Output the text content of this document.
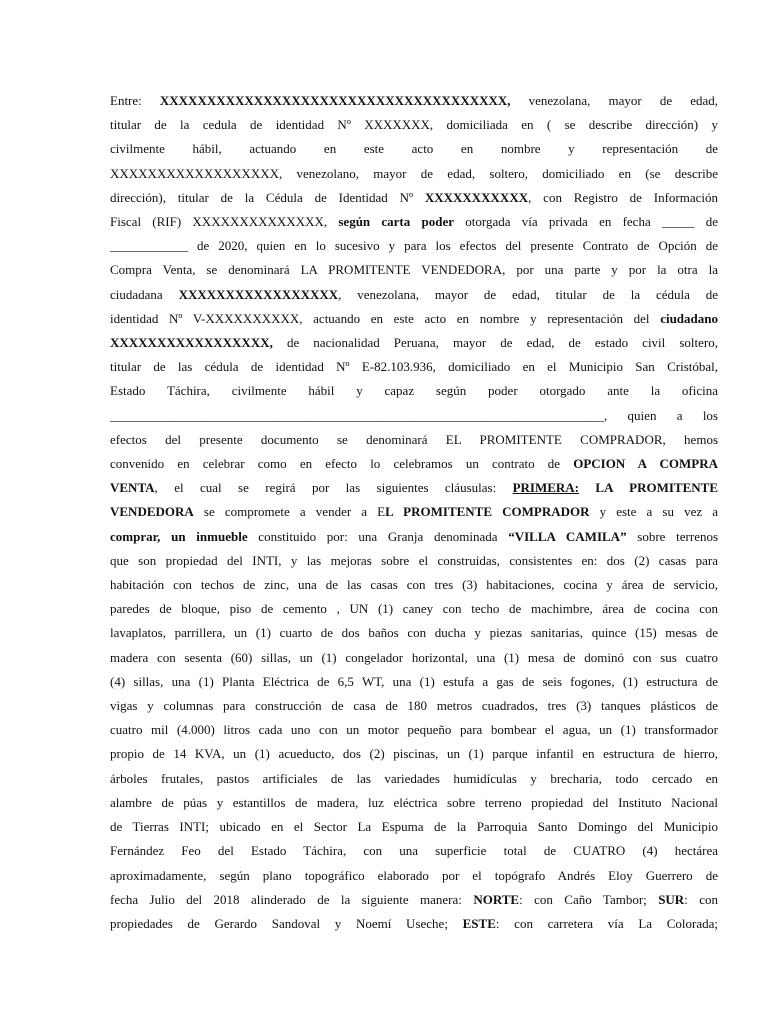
Entre: XXXXXXXXXXXXXXXXXXXXXXXXXXXXXXXXXXXXX, venezolana, mayor de edad,
titular de la cedula de identidad Nº XXXXXXX, domiciliada en ( se describe dirección) y
civilmente hábil, actuando en este acto en nombre y representación de
XXXXXXXXXXXXXXXXXX, venezolano, mayor de edad, soltero, domiciliado en (se describe
dirección), titular de la Cédula de Identidad Nº XXXXXXXXXXX, con Registro de Información
Fiscal (RIF) XXXXXXXXXXXXXX, según carta poder otorgada vía privada en fecha _____ de
____________ de 2020, quien en lo sucesivo y para los efectos del presente Contrato de Opción de
Compra Venta, se denominará LA PROMITENTE VENDEDORA, por una parte y por la otra la
ciudadana XXXXXXXXXXXXXXXXX, venezolana, mayor de edad, titular de la cédula de
identidad Nº V-XXXXXXXXXX, actuando en este acto en nombre y representación del ciudadano
XXXXXXXXXXXXXXXXX, de nacionalidad Peruana, mayor de edad, de estado civil soltero,
titular de las cédula de identidad Nº E-82.103.936, domiciliado en el Municipio San Cristóbal,
Estado Táchira, civilmente hábil y capaz según poder otorgado ante la oficina
____________________________________________________________________________, quien a los
efectos del presente documento se denominará EL PROMITENTE COMPRADOR, hemos
convenido en celebrar como en efecto lo celebramos un contrato de OPCION A COMPRA
VENTA, el cual se regirá por las siguientes cláusulas: PRIMERA: LA PROMITENTE
VENDEDORA se compromete a vender a EL PROMITENTE COMPRADOR y este a su vez a
comprar, un inmueble constituido por: una Granja denominada “VILLA CAMILA” sobre terrenos
que son propiedad del INTI, y las mejoras sobre el construidas, consistentes en: dos (2) casas para
habitación con techos de zinc, una de las casas con tres (3) habitaciones, cocina y área de servicio,
paredes de bloque, piso de cemento , UN (1) caney con techo de machimbre, área de cocina con
lavaplatos, parrillera, un (1) cuarto de dos baños con ducha y piezas sanitarias, quince (15) mesas de
madera con sesenta (60) sillas, un (1) congelador horizontal, una (1) mesa de dominó con sus cuatro
(4) sillas, una (1) Planta Eléctrica de 6,5 WT, una (1) estufa a gas de seis fogones, (1) estructura de
vigas y columnas para construcción de casa de 180 metros cuadrados, tres (3) tanques plásticos de
cuatro mil (4.000) litros cada uno con un motor pequeño para bombear el agua, un (1) transformador
propio de 14 KVA, un (1) acueducto, dos (2) piscinas, un (1) parque infantil en estructura de hierro,
árboles frutales, pastos artificiales de las variedades humidículas y brecharia, todo cercado en
alambre de púas y estantillos de madera, luz eléctrica sobre terreno propiedad del Instituto Nacional
de Tierras INTI; ubicado en el Sector La Espuma de la Parroquia Santo Domingo del Municipio
Fernández Feo del Estado Táchira, con una superficie total de CUATRO (4) hectárea
aproximadamente, según plano topográfico elaborado por el topógrafo Andrés Eloy Guerrero de
fecha Julio del 2018 alinderado de la siguiente manera: NORTE: con Caño Tambor; SUR: con
propiedades de Gerardo Sandoval y Noemí Useche; ESTE: con carretera vía La Colorada;
